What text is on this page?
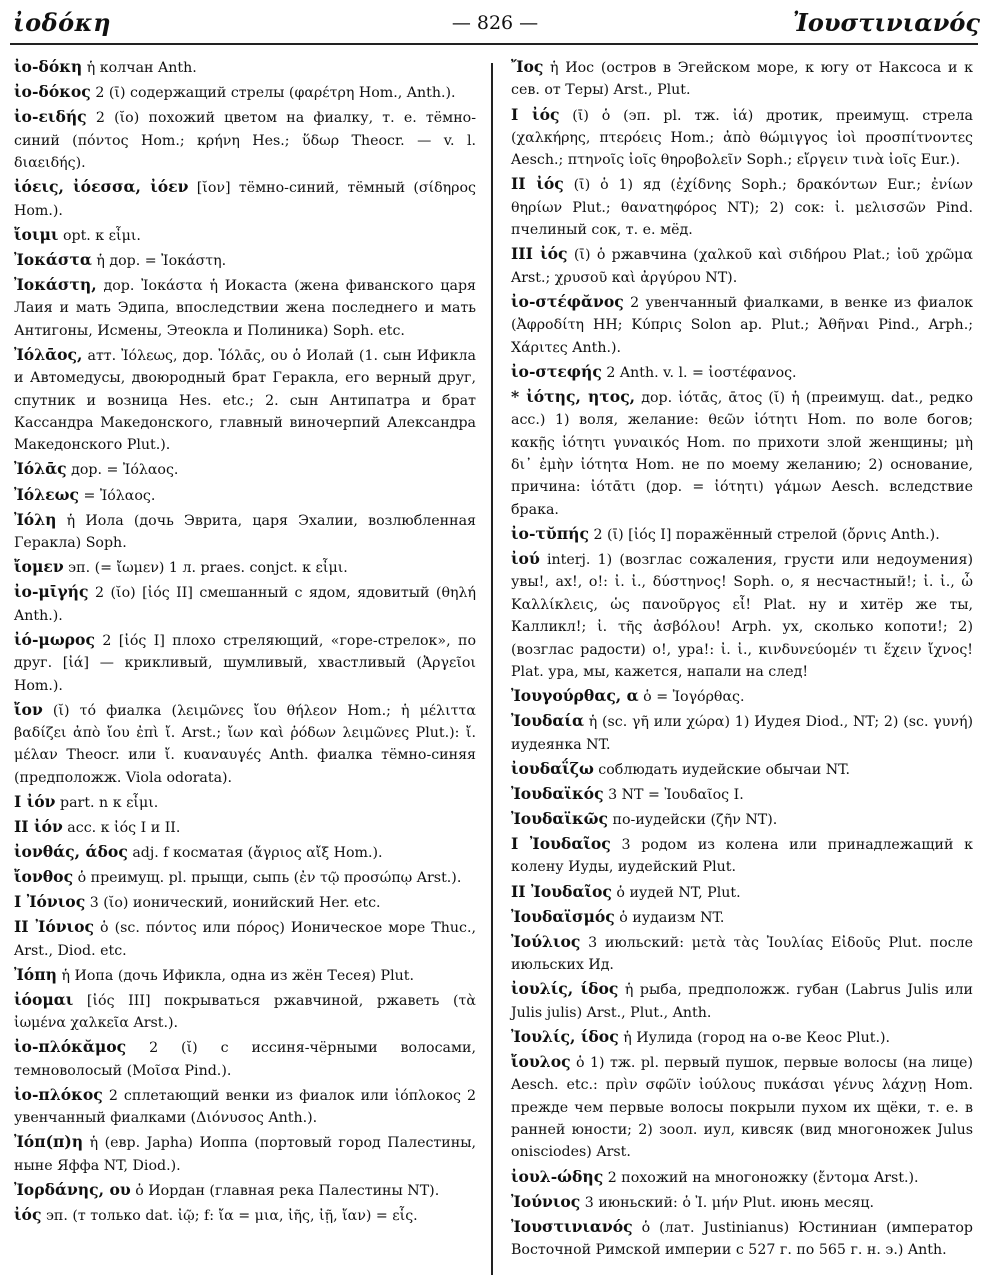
ἰοδόκη	— 826 —	Ἰουστινιανός
ἰο-δόκη ἡ колчан Anth.
ἰο-δόκος 2 (ῑ) содержащий стрелы (φαρέτρη Hom., Anth.).
ἰο-ειδής 2 (ῐο) похожий цветом на фиалку, т. е. тёмно-синий (πόντος Hom.; κρήνη Hes.; ὕδωρ Theocr. — v. l. διαειδής).
ἰόεις, ἰόεσσα, ἰόεν [ῐον] тёмно-синий, тёмный (σίδηρος Hom.).
ἴοιμι opt. к εἶμι.
Ἰοκάστα ἡ дор. = Ἰοκάστη.
Ἰοκάστη, дор. Ἰοκάστα ἡ Иокаста (жена фиванского царя Лаия и мать Эдипа, впоследствии жена последнего и мать Антигоны, Исмены, Этеокла и Полиника) Soph. etc.
Ἰόλᾱος, атт. Ἰόλεως, дор. Ἰόλᾱς, ου ὁ Иолай (1. сын Ификла и Автомедусы, двоюродный брат Геракла, его верный друг, спутник и возница Hes. etc.; 2. сын Антипатра и брат Кассандра Македонского, главный виночерпий Александра Македонского Plut.).
Ἰόλᾱς дор. = Ἰόλαος.
Ἰόλεως = Ἰόλαος.
Ἰόλη ἡ Иола (дочь Эврита, царя Эхалии, возлюбленная Геракла) Soph.
ἴομεν эп. (= ἴωμεν) 1 л. praes. conjct. к εἶμι.
ἰο-μῑγής 2 (ῐο) [ἰός II] смешанный с ядом, ядовитый (θηλή Anth.).
ἰό-μωρος 2 [ἰός I] плохо стреляющий, «горе-стрелок», по друг. [ἰά] — крикливый, шумливый, хвастливый (Ἀργεῖοι Hom.).
ἴον (ῐ) τό фиалка (λειμῶνες ἴου θήλεον Hom.; ἡ μέλιττα βαδίζει ἀπὸ ἴου ἐπὶ ἴ. Arst.; ἴων καὶ ῥόδων λειμῶνες Plut.): ἴ. μέλαν Theocr. или ἴ. κυαναυγές Anth. фиалка тёмно-синяя (предположж. Viola odorata).
I ἰόν part. n к εἶμι.
II ἰόν acc. к ἰός I и II.
ἰονθάς, άδος adj. f косматая (ἄγριος αἴξ Hom.).
ἴονθος ὁ преимущ. pl. прыщи, сыпь (ἐν τῷ προσώπῳ Arst.).
I Ἰόνιος 3 (ῐο) ионический, ионийский Her. etc.
II Ἰόνιος ὁ (sc. πόντος или πόρος) Ионическое море Thuc., Arst., Diod. etc.
Ἰόπη ἡ Иопа (дочь Ификла, одна из жён Тесея) Plut.
ἰόομαι [ἰός III] покрываться ржавчиной, ржаветь (τὰ ἰωμένα χαλκεῖα Arst.).
ἰο-πλόκᾰμος 2 (ῐ) с иссиня-чёрными волосами, темноволосый (Μοῖσα Pind.).
ἰο-πλόκος 2 сплетающий венки из фиалок или ἰόπλοκος 2 увенчанный фиалками (Διόνυσος Anth.).
Ἰόπ(π)η ἡ (евр. Japha) Иоппа (портовый город Палестины, ныне Яффа NT, Diod.).
Ἰορδάνης, ου ὁ Иордан (главная река Палестины NT).
ἰός эп. (т только dat. ἰῷ; f: ἴα = μια, ἰῆς, ἰῇ, ἴαν) = εἷς.
Ἴος ἡ Иос (остров в Эгейском море, к югу от Наксоса и к сев. от Теры) Arst., Plut.
I ἰός (ῑ) ὁ (эп. pl. тж. ἰά) дротик, преимущ. стрела (χαλκήρης, πτερόεις Hom.; ἀπὸ θώμιγγος ἰοὶ προσπίτνοντες Aesch.; πτηνοῖς ἰοῖς θηροβολεῖν Soph.; εἴργειν τινὰ ἰοῖς Eur.).
II ἰός (ῑ) ὁ 1) яд (ἐχίδνης Soph.; δρακόντων Eur.; ἐνίων θηρίων Plut.; θανατηφόρος NT); 2) сок: ἰ. μελισσῶν Pind. пчелиный сок, т. е. мёд.
III ἰός (ῑ) ὁ ржавчина (χαλκοῦ καὶ σιδήρου Plat.; ἰοῦ χρῶμα Arst.; χρυσοῦ καὶ ἀργύρου NT).
ἰο-στέφᾰνος 2 увенчанный фиалками, в венке из фиалок (Ἀφροδίτη HH; Κύπρις Solon ap. Plut.; Ἀθῆναι Pind., Arph.; Χάριτες Anth.).
ἰο-στεφής 2 Anth. v. l. = ἰοστέφανος.
* ἰότης, ητος, дор. ἰότᾱς, ᾱτος (ῐ) ἡ (преимущ. dat., редко acc.) 1) воля, желание: θεῶν ἰότητι Hom. по воле богов; κακῇς ἰότητι γυναικός Hom. по прихоти злой женщины; μὴ δι᾽ ἐμὴν ἰότητα Hom. не по моему желанию; 2) основание, причина: ἰότᾱτι (дор. = ἰότητι) γάμων Aesch. вследствие брака.
ἰο-τῠπής 2 (ῑ) [ἰός I] поражённый стрелой (ὄρνις Anth.).
ἰού interj. 1) (возглас сожаления, грусти или недоумения) увы!, ах!, о!: ἰ. ἰ., δύστηνος! Soph. о, я несчастный!; ἰ. ἰ., ὦ Καλλίκλεις, ὡς πανοῦργος εἶ! Plat. ну и хитёр же ты, Калликл!; ἰ. τῆς ἀσβόλου! Arph. ух, сколько копоти!; 2) (возглас радости) о!, ура!: ἰ. ἰ., κινδυνεύομέν τι ἕχειν ἴχνος! Plat. ура, мы, кажется, напали на след!
Ἰουγούρθας, α ὁ = Ἰογόρθας.
Ἰουδαία ἡ (sc. γῆ или χώρα) 1) Иудея Diod., NT; 2) (sc. γυνή) иудеянка NT.
ἰουδαΐζω соблюдать иудейские обычаи NT.
Ἰουδαϊκός 3 NT = Ἰουδαῖος I.
Ἰουδαϊκῶς по-иудейски (ζῆν NT).
I Ἰουδαῖος 3 родом из колена или принадлежащий к колену Иуды, иудейский Plut.
II Ἰουδαῖος ὁ иудей NT, Plut.
Ἰουδαϊσμός ὁ иудаизм NT.
Ἰούλιος 3 июльский: μετὰ τὰς Ἰουλίας Εἰδοῦς Plut. после июльских Ид.
ἰουλίς, ίδος ἡ рыба, предположж. губан (Labrus Julis или Julis julis) Arst., Plut., Anth.
Ἰουλίς, ίδος ἡ Иулида (город на о-ве Кеос Plut.).
ἴουλος ὁ 1) тж. pl. первый пушок, первые волосы (на лице) Aesch. etc.: πρὶν σφῶϊν ἰούλους πυκάσαι γένυς λάχνῃ Hom. прежде чем первые волосы покрыли пухом их щёки, т. е. в ранней юности; 2) зоол. иул, кивсяк (вид многоножек Julus onisciodes) Arst.
ἰουλ-ώδης 2 похожий на многоножку (ἔντομα Arst.).
Ἰούνιος 3 июньский: ὁ Ἰ. μήν Plut. июнь месяц.
Ἰουστινιανός ὁ (лат. Justinianus) Юстиниан (император Восточной Римской империи с 527 г. по 565 г. н. э.) Anth.
